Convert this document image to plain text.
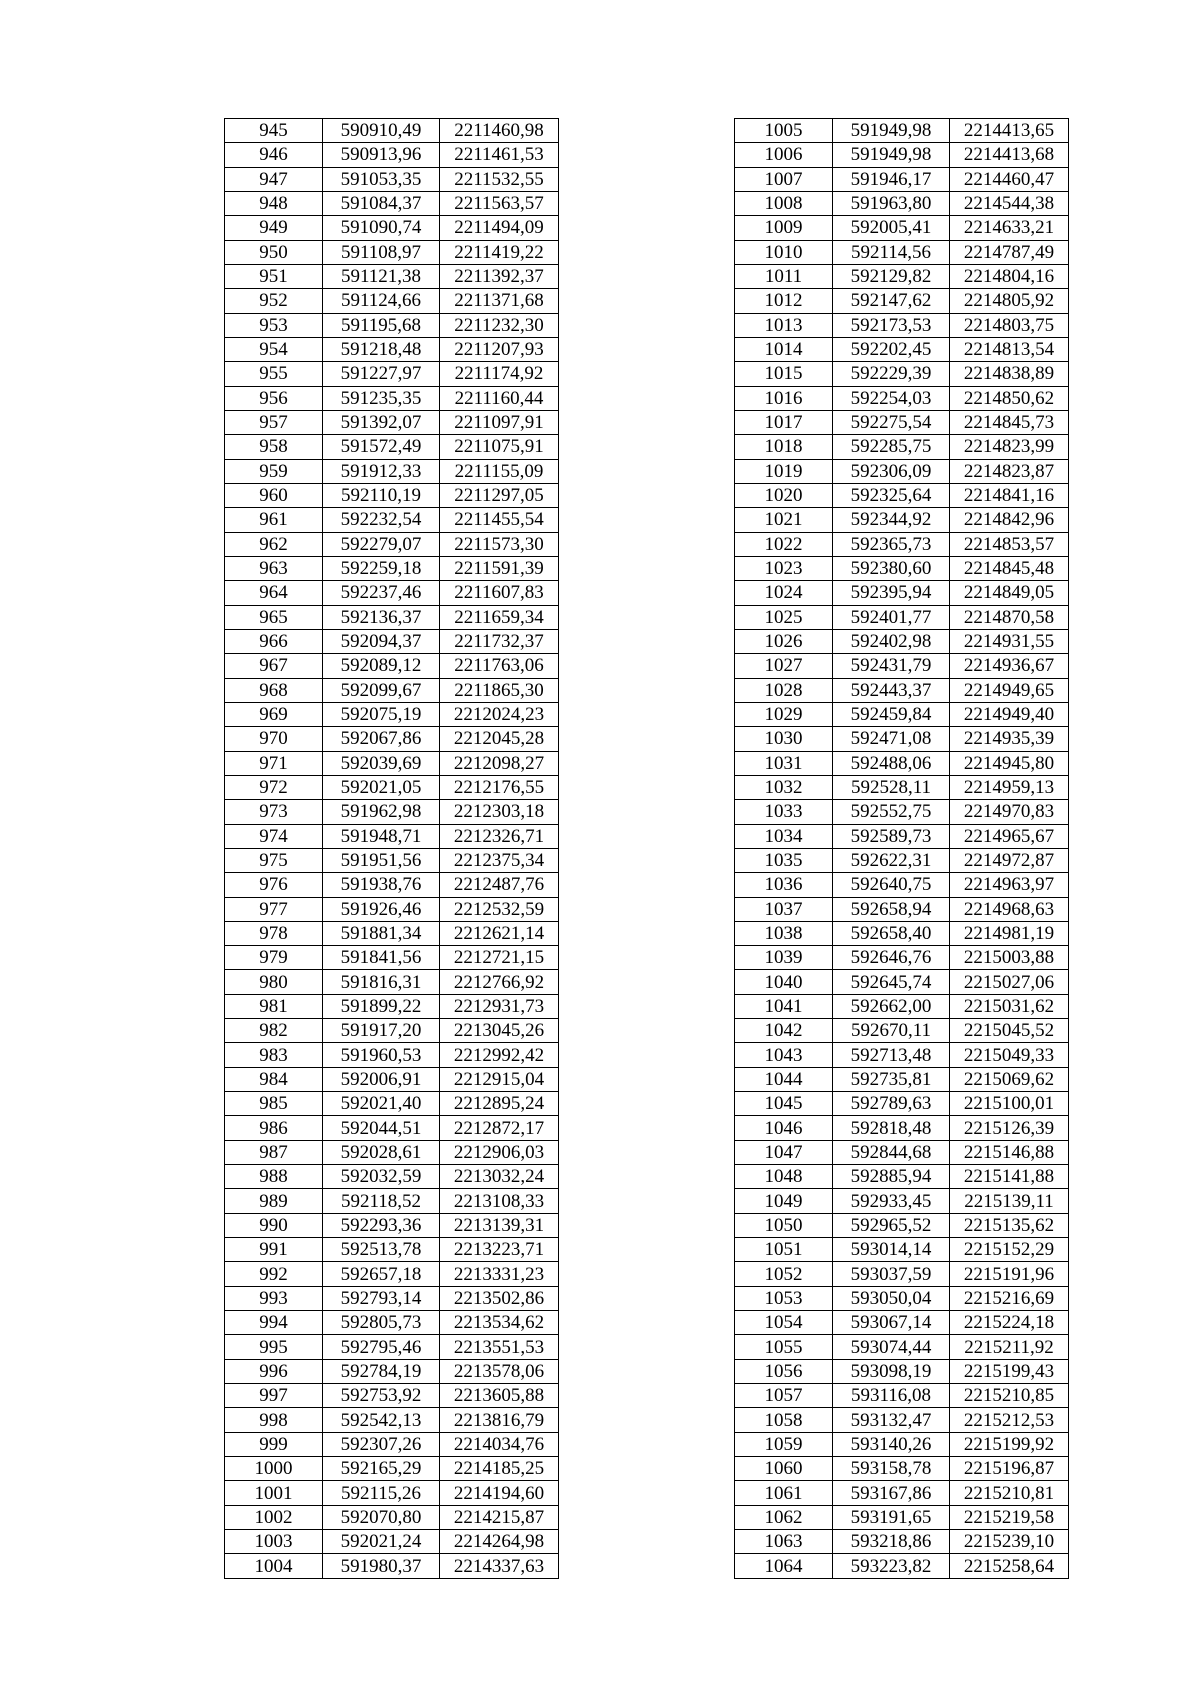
945	590910,49	2211460,98
946	590913,96	2211461,53
947	591053,35	2211532,55
948	591084,37	2211563,57
949	591090,74	2211494,09
950	591108,97	2211419,22
951	591121,38	2211392,37
952	591124,66	2211371,68
953	591195,68	2211232,30
954	591218,48	2211207,93
955	591227,97	2211174,92
956	591235,35	2211160,44
957	591392,07	2211097,91
958	591572,49	2211075,91
959	591912,33	2211155,09
960	592110,19	2211297,05
961	592232,54	2211455,54
962	592279,07	2211573,30
963	592259,18	2211591,39
964	592237,46	2211607,83
965	592136,37	2211659,34
966	592094,37	2211732,37
967	592089,12	2211763,06
968	592099,67	2211865,30
969	592075,19	2212024,23
970	592067,86	2212045,28
971	592039,69	2212098,27
972	592021,05	2212176,55
973	591962,98	2212303,18
974	591948,71	2212326,71
975	591951,56	2212375,34
976	591938,76	2212487,76
977	591926,46	2212532,59
978	591881,34	2212621,14
979	591841,56	2212721,15
980	591816,31	2212766,92
981	591899,22	2212931,73
982	591917,20	2213045,26
983	591960,53	2212992,42
984	592006,91	2212915,04
985	592021,40	2212895,24
986	592044,51	2212872,17
987	592028,61	2212906,03
988	592032,59	2213032,24
989	592118,52	2213108,33
990	592293,36	2213139,31
991	592513,78	2213223,71
992	592657,18	2213331,23
993	592793,14	2213502,86
994	592805,73	2213534,62
995	592795,46	2213551,53
996	592784,19	2213578,06
997	592753,92	2213605,88
998	592542,13	2213816,79
999	592307,26	2214034,76
1000	592165,29	2214185,25
1001	592115,26	2214194,60
1002	592070,80	2214215,87
1003	592021,24	2214264,98
1004	591980,37	2214337,63
1005	591949,98	2214413,65
1006	591949,98	2214413,68
1007	591946,17	2214460,47
1008	591963,80	2214544,38
1009	592005,41	2214633,21
1010	592114,56	2214787,49
1011	592129,82	2214804,16
1012	592147,62	2214805,92
1013	592173,53	2214803,75
1014	592202,45	2214813,54
1015	592229,39	2214838,89
1016	592254,03	2214850,62
1017	592275,54	2214845,73
1018	592285,75	2214823,99
1019	592306,09	2214823,87
1020	592325,64	2214841,16
1021	592344,92	2214842,96
1022	592365,73	2214853,57
1023	592380,60	2214845,48
1024	592395,94	2214849,05
1025	592401,77	2214870,58
1026	592402,98	2214931,55
1027	592431,79	2214936,67
1028	592443,37	2214949,65
1029	592459,84	2214949,40
1030	592471,08	2214935,39
1031	592488,06	2214945,80
1032	592528,11	2214959,13
1033	592552,75	2214970,83
1034	592589,73	2214965,67
1035	592622,31	2214972,87
1036	592640,75	2214963,97
1037	592658,94	2214968,63
1038	592658,40	2214981,19
1039	592646,76	2215003,88
1040	592645,74	2215027,06
1041	592662,00	2215031,62
1042	592670,11	2215045,52
1043	592713,48	2215049,33
1044	592735,81	2215069,62
1045	592789,63	2215100,01
1046	592818,48	2215126,39
1047	592844,68	2215146,88
1048	592885,94	2215141,88
1049	592933,45	2215139,11
1050	592965,52	2215135,62
1051	593014,14	2215152,29
1052	593037,59	2215191,96
1053	593050,04	2215216,69
1054	593067,14	2215224,18
1055	593074,44	2215211,92
1056	593098,19	2215199,43
1057	593116,08	2215210,85
1058	593132,47	2215212,53
1059	593140,26	2215199,92
1060	593158,78	2215196,87
1061	593167,86	2215210,81
1062	593191,65	2215219,58
1063	593218,86	2215239,10
1064	593223,82	2215258,64
